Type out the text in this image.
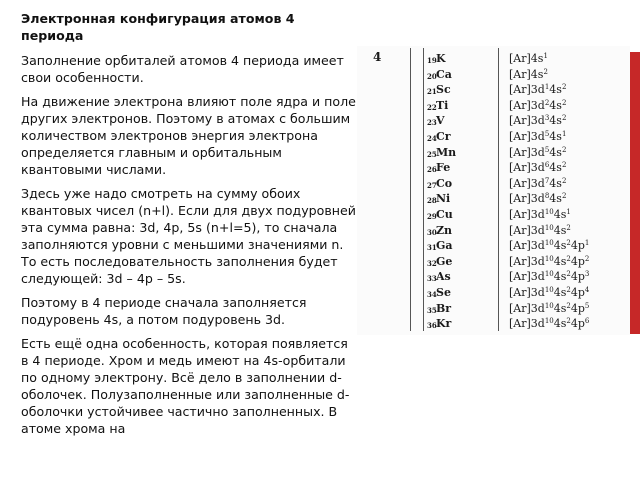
Электронная конфигурация атомов 4 периода

Заполнение орбиталей атомов 4 периода имеет свои особенности.

На движение электрона влияют поле ядра и поле других электронов. Поэтому в атомах с большим количеством электронов энергия электрона определяется главным и орбитальным квантовыми числами.

Здесь уже надо смотреть на сумму обоих квантовых чисел (n+l). Если для двух подуровней эта сумма равна: 3d, 4p, 5s (n+l=5), то сначала заполняются уровни с меньшими значениями n. То есть последовательность заполнения будет следующей: 3d – 4p – 5s.

Поэтому в 4 периоде сначала заполняется подуровень 4s, а потом подуровень 3d.

Есть ещё одна особенность, которая появляется в 4 периоде. Хром и медь имеют на 4s-орбитали по одному электрону. Всё дело в заполнении d-оболочек. Полузаполненные или заполненные d-оболочки устойчивее частично заполненных. В атоме хрома на

4	19 K	$[Ar]4s^1$
20 Ca	$[Ar]4s^2$
21 Sc	$[Ar]3d^14s^2$
22 Ti	$[Ar]3d^24s^2$
23 V	$[Ar]3d^34s^2$
24 Cr	$[Ar]3d^54s^1$
25 Mn	$[Ar]3d^54s^2$
26 Fe	$[Ar]3d^64s^2$
27 Co	$[Ar]3d^74s^2$
28 Ni	$[Ar]3d^84s^2$
29 Cu	$[Ar]3d^{10}4s^1$
30 Zn	$[Ar]3d^{10}4s^2$
31 Ga	$[Ar]3d^{10}4s^24p^1$
32 Ge	$[Ar]3d^{10}4s^24p^2$
33 As	$[Ar]3d^{10}4s^24p^3$
34 Se	$[Ar]3d^{10}4s^24p^4$
35 Br	$[Ar]3d^{10}4s^24p^5$
36 Kr	$[Ar]3d^{10}4s^24p^6$
